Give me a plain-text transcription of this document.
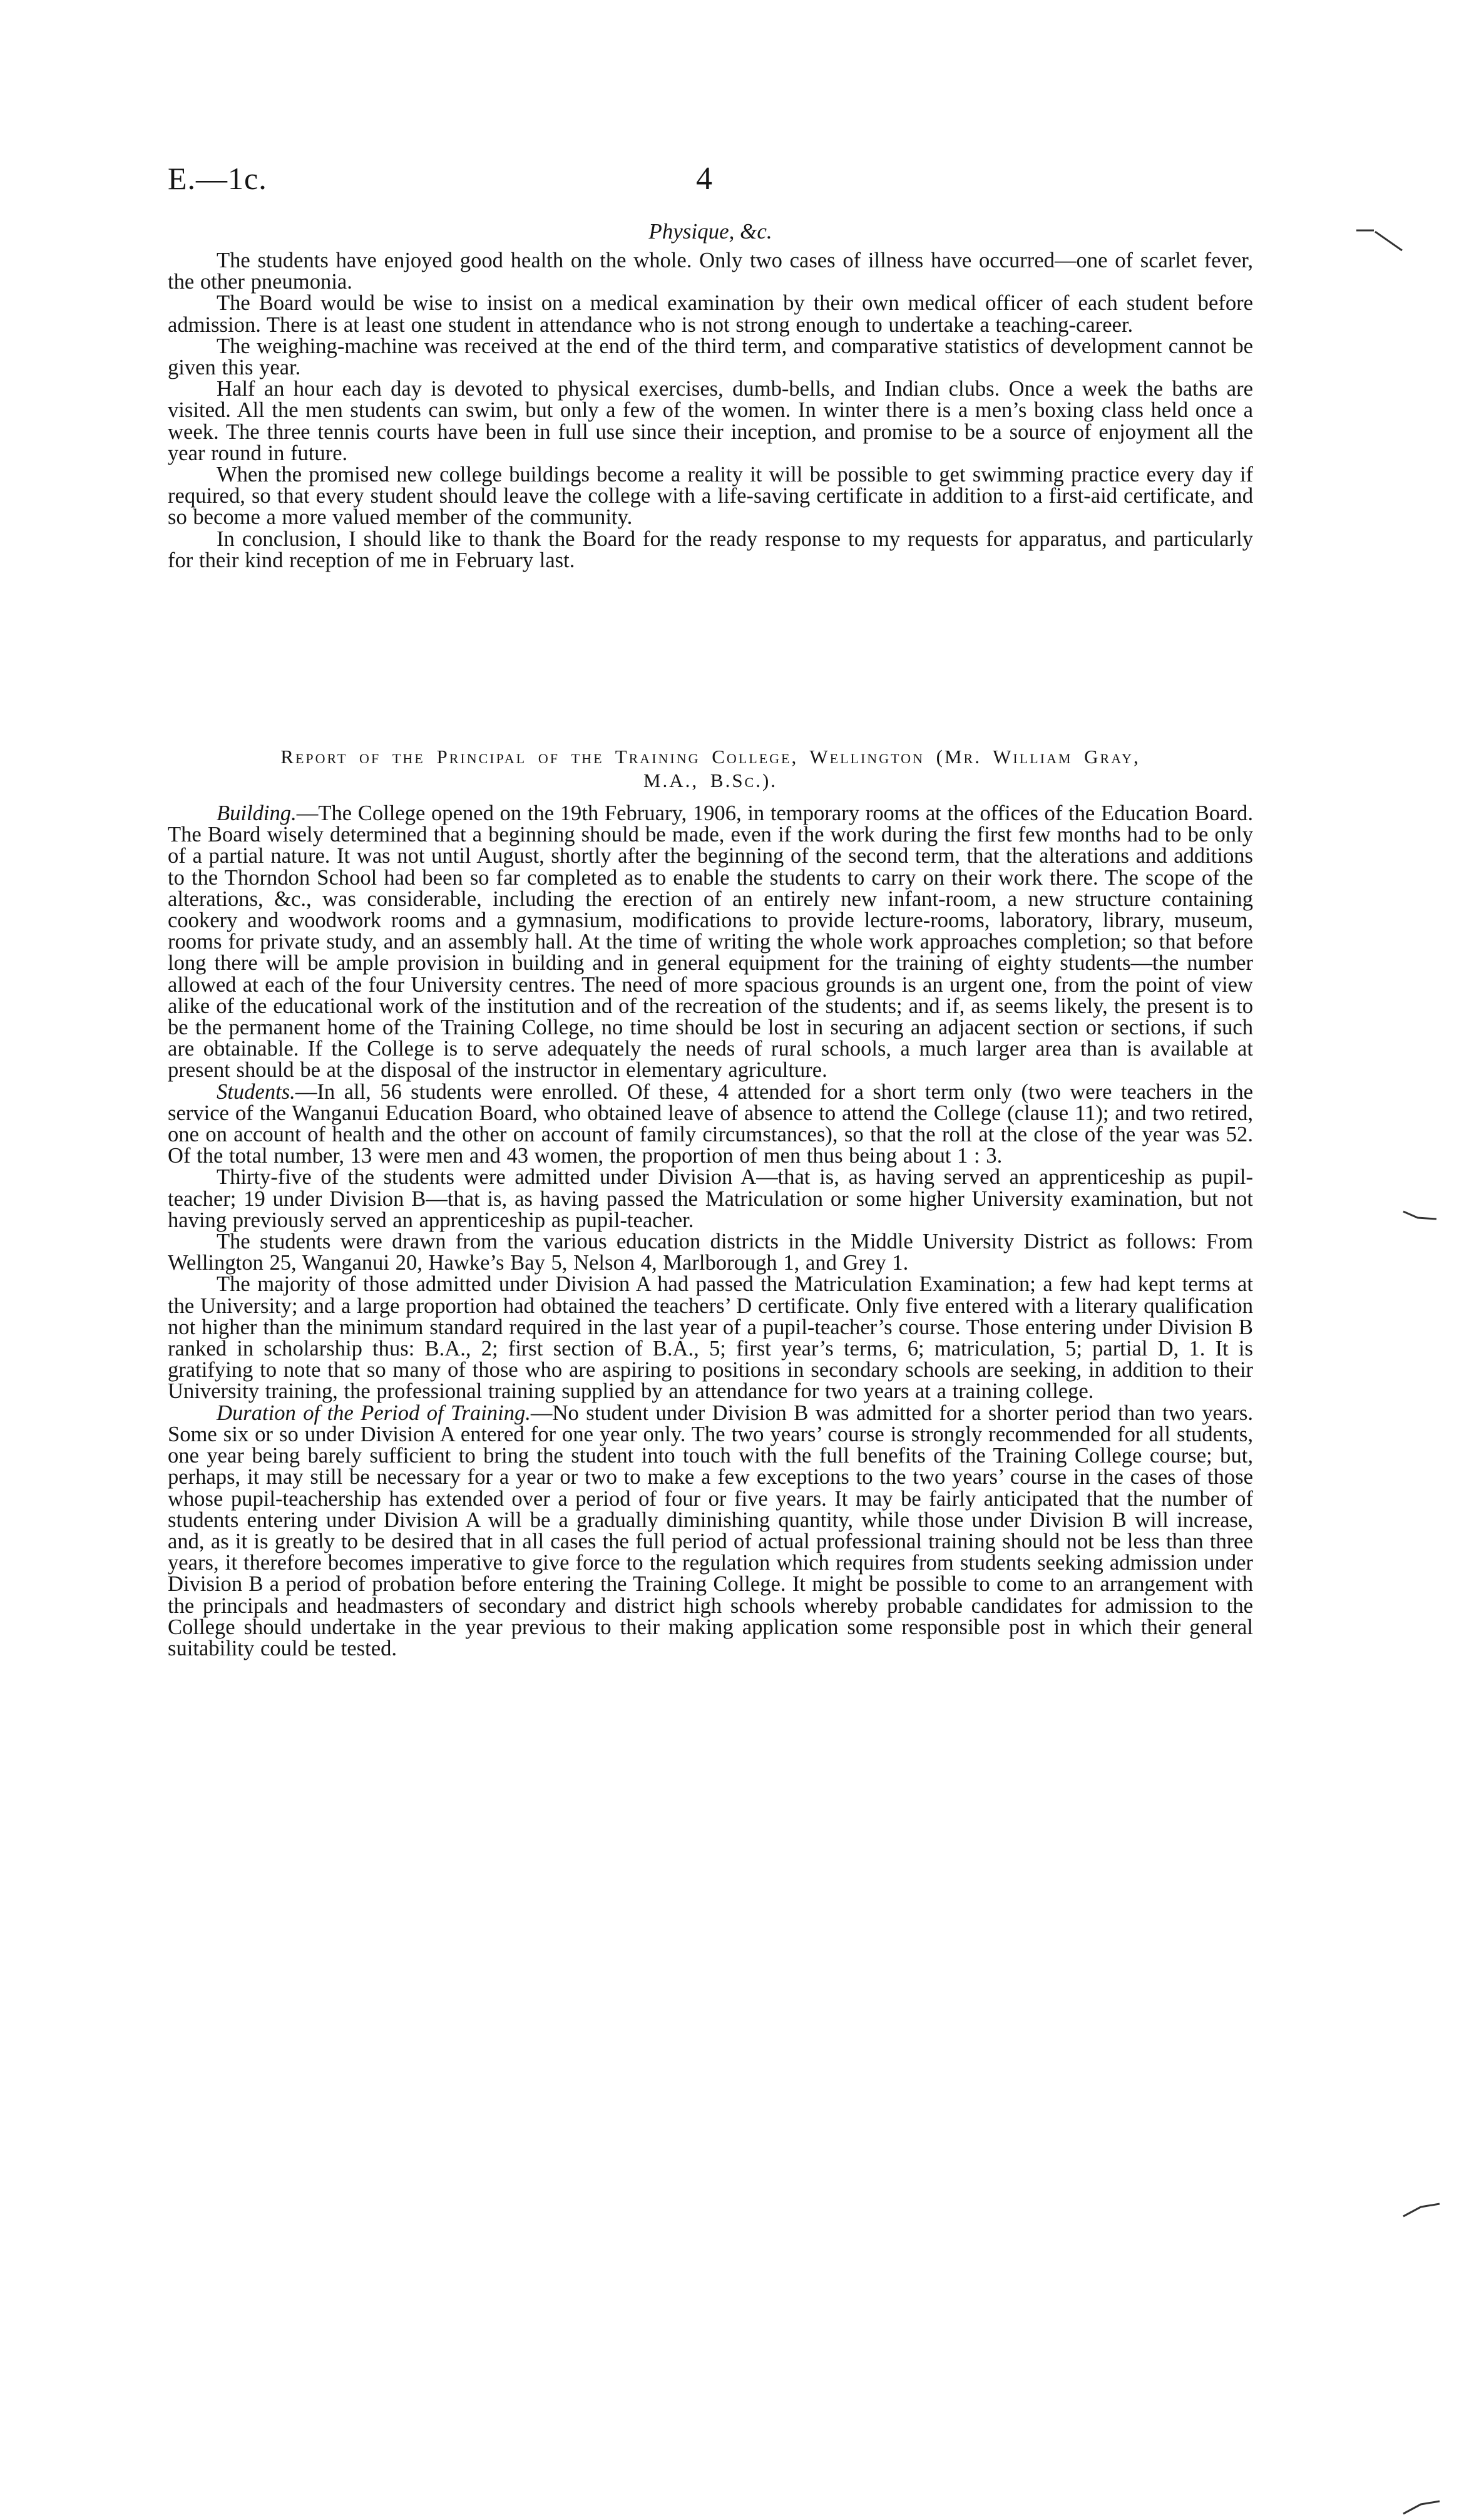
E.—1c.	4
Physique, &c.

The students have enjoyed good health on the whole. Only two cases of illness have occurred—one of scarlet fever, the other pneumonia.

The Board would be wise to insist on a medical examination by their own medical officer of each student before admission. There is at least one student in attendance who is not strong enough to undertake a teaching-career.

The weighing-machine was received at the end of the third term, and comparative statistics of development cannot be given this year.

Half an hour each day is devoted to physical exercises, dumb-bells, and Indian clubs. Once a week the baths are visited. All the men students can swim, but only a few of the women. In winter there is a men’s boxing class held once a week. The three tennis courts have been in full use since their inception, and promise to be a source of enjoyment all the year round in future.

When the promised new college buildings become a reality it will be possible to get swimming practice every day if required, so that every student should leave the college with a life-saving certificate in addition to a first-aid certificate, and so become a more valued member of the community.

In conclusion, I should like to thank the Board for the ready response to my requests for apparatus, and particularly for their kind reception of me in February last.

Report of the Principal of the Training College, Wellington (Mr. William Gray,
M.A., B.Sc.).

Building.—The College opened on the 19th February, 1906, in temporary rooms at the offices of the Education Board. The Board wisely determined that a beginning should be made, even if the work during the first few months had to be only of a partial nature. It was not until August, shortly after the beginning of the second term, that the alterations and additions to the Thorndon School had been so far completed as to enable the students to carry on their work there. The scope of the alterations, &c., was considerable, including the erection of an entirely new infant-room, a new structure containing cookery and woodwork rooms and a gymnasium, modifications to provide lecture-rooms, laboratory, library, museum, rooms for private study, and an assembly hall. At the time of writing the whole work approaches completion; so that before long there will be ample provision in building and in general equipment for the training of eighty students—the number allowed at each of the four University centres. The need of more spacious grounds is an urgent one, from the point of view alike of the educational work of the institution and of the recreation of the students; and if, as seems likely, the present is to be the permanent home of the Training College, no time should be lost in securing an adjacent section or sections, if such are obtainable. If the College is to serve adequately the needs of rural schools, a much larger area than is available at present should be at the disposal of the instructor in elementary agriculture.

Students.—In all, 56 students were enrolled. Of these, 4 attended for a short term only (two were teachers in the service of the Wanganui Education Board, who obtained leave of absence to attend the College (clause 11); and two retired, one on account of health and the other on account of family circumstances), so that the roll at the close of the year was 52. Of the total number, 13 were men and 43 women, the proportion of men thus being about 1 : 3.

Thirty-five of the students were admitted under Division A—that is, as having served an apprenticeship as pupil-teacher; 19 under Division B—that is, as having passed the Matriculation or some higher University examination, but not having previously served an apprenticeship as pupil-teacher.

The students were drawn from the various education districts in the Middle University District as follows: From Wellington 25, Wanganui 20, Hawke’s Bay 5, Nelson 4, Marlborough 1, and Grey 1.

The majority of those admitted under Division A had passed the Matriculation Examination; a few had kept terms at the University; and a large proportion had obtained the teachers’ D certificate. Only five entered with a literary qualification not higher than the minimum standard required in the last year of a pupil-teacher’s course. Those entering under Division B ranked in scholarship thus: B.A., 2; first section of B.A., 5; first year’s terms, 6; matriculation, 5; partial D, 1. It is gratifying to note that so many of those who are aspiring to positions in secondary schools are seeking, in addition to their University training, the professional training supplied by an attendance for two years at a training college.

Duration of the Period of Training.—No student under Division B was admitted for a shorter period than two years. Some six or so under Division A entered for one year only. The two years’ course is strongly recommended for all students, one year being barely sufficient to bring the student into touch with the full benefits of the Training College course; but, perhaps, it may still be necessary for a year or two to make a few exceptions to the two years’ course in the cases of those whose pupil-teachership has extended over a period of four or five years. It may be fairly anticipated that the number of students entering under Division A will be a gradually diminishing quantity, while those under Division B will increase, and, as it is greatly to be desired that in all cases the full period of actual professional training should not be less than three years, it therefore becomes imperative to give force to the regulation which requires from students seeking admission under Division B a period of probation before entering the Training College. It might be possible to come to an arrangement with the principals and headmasters of secondary and district high schools whereby probable candidates for admission to the College should undertake in the year previous to their making application some responsible post in which their general suitability could be tested.
